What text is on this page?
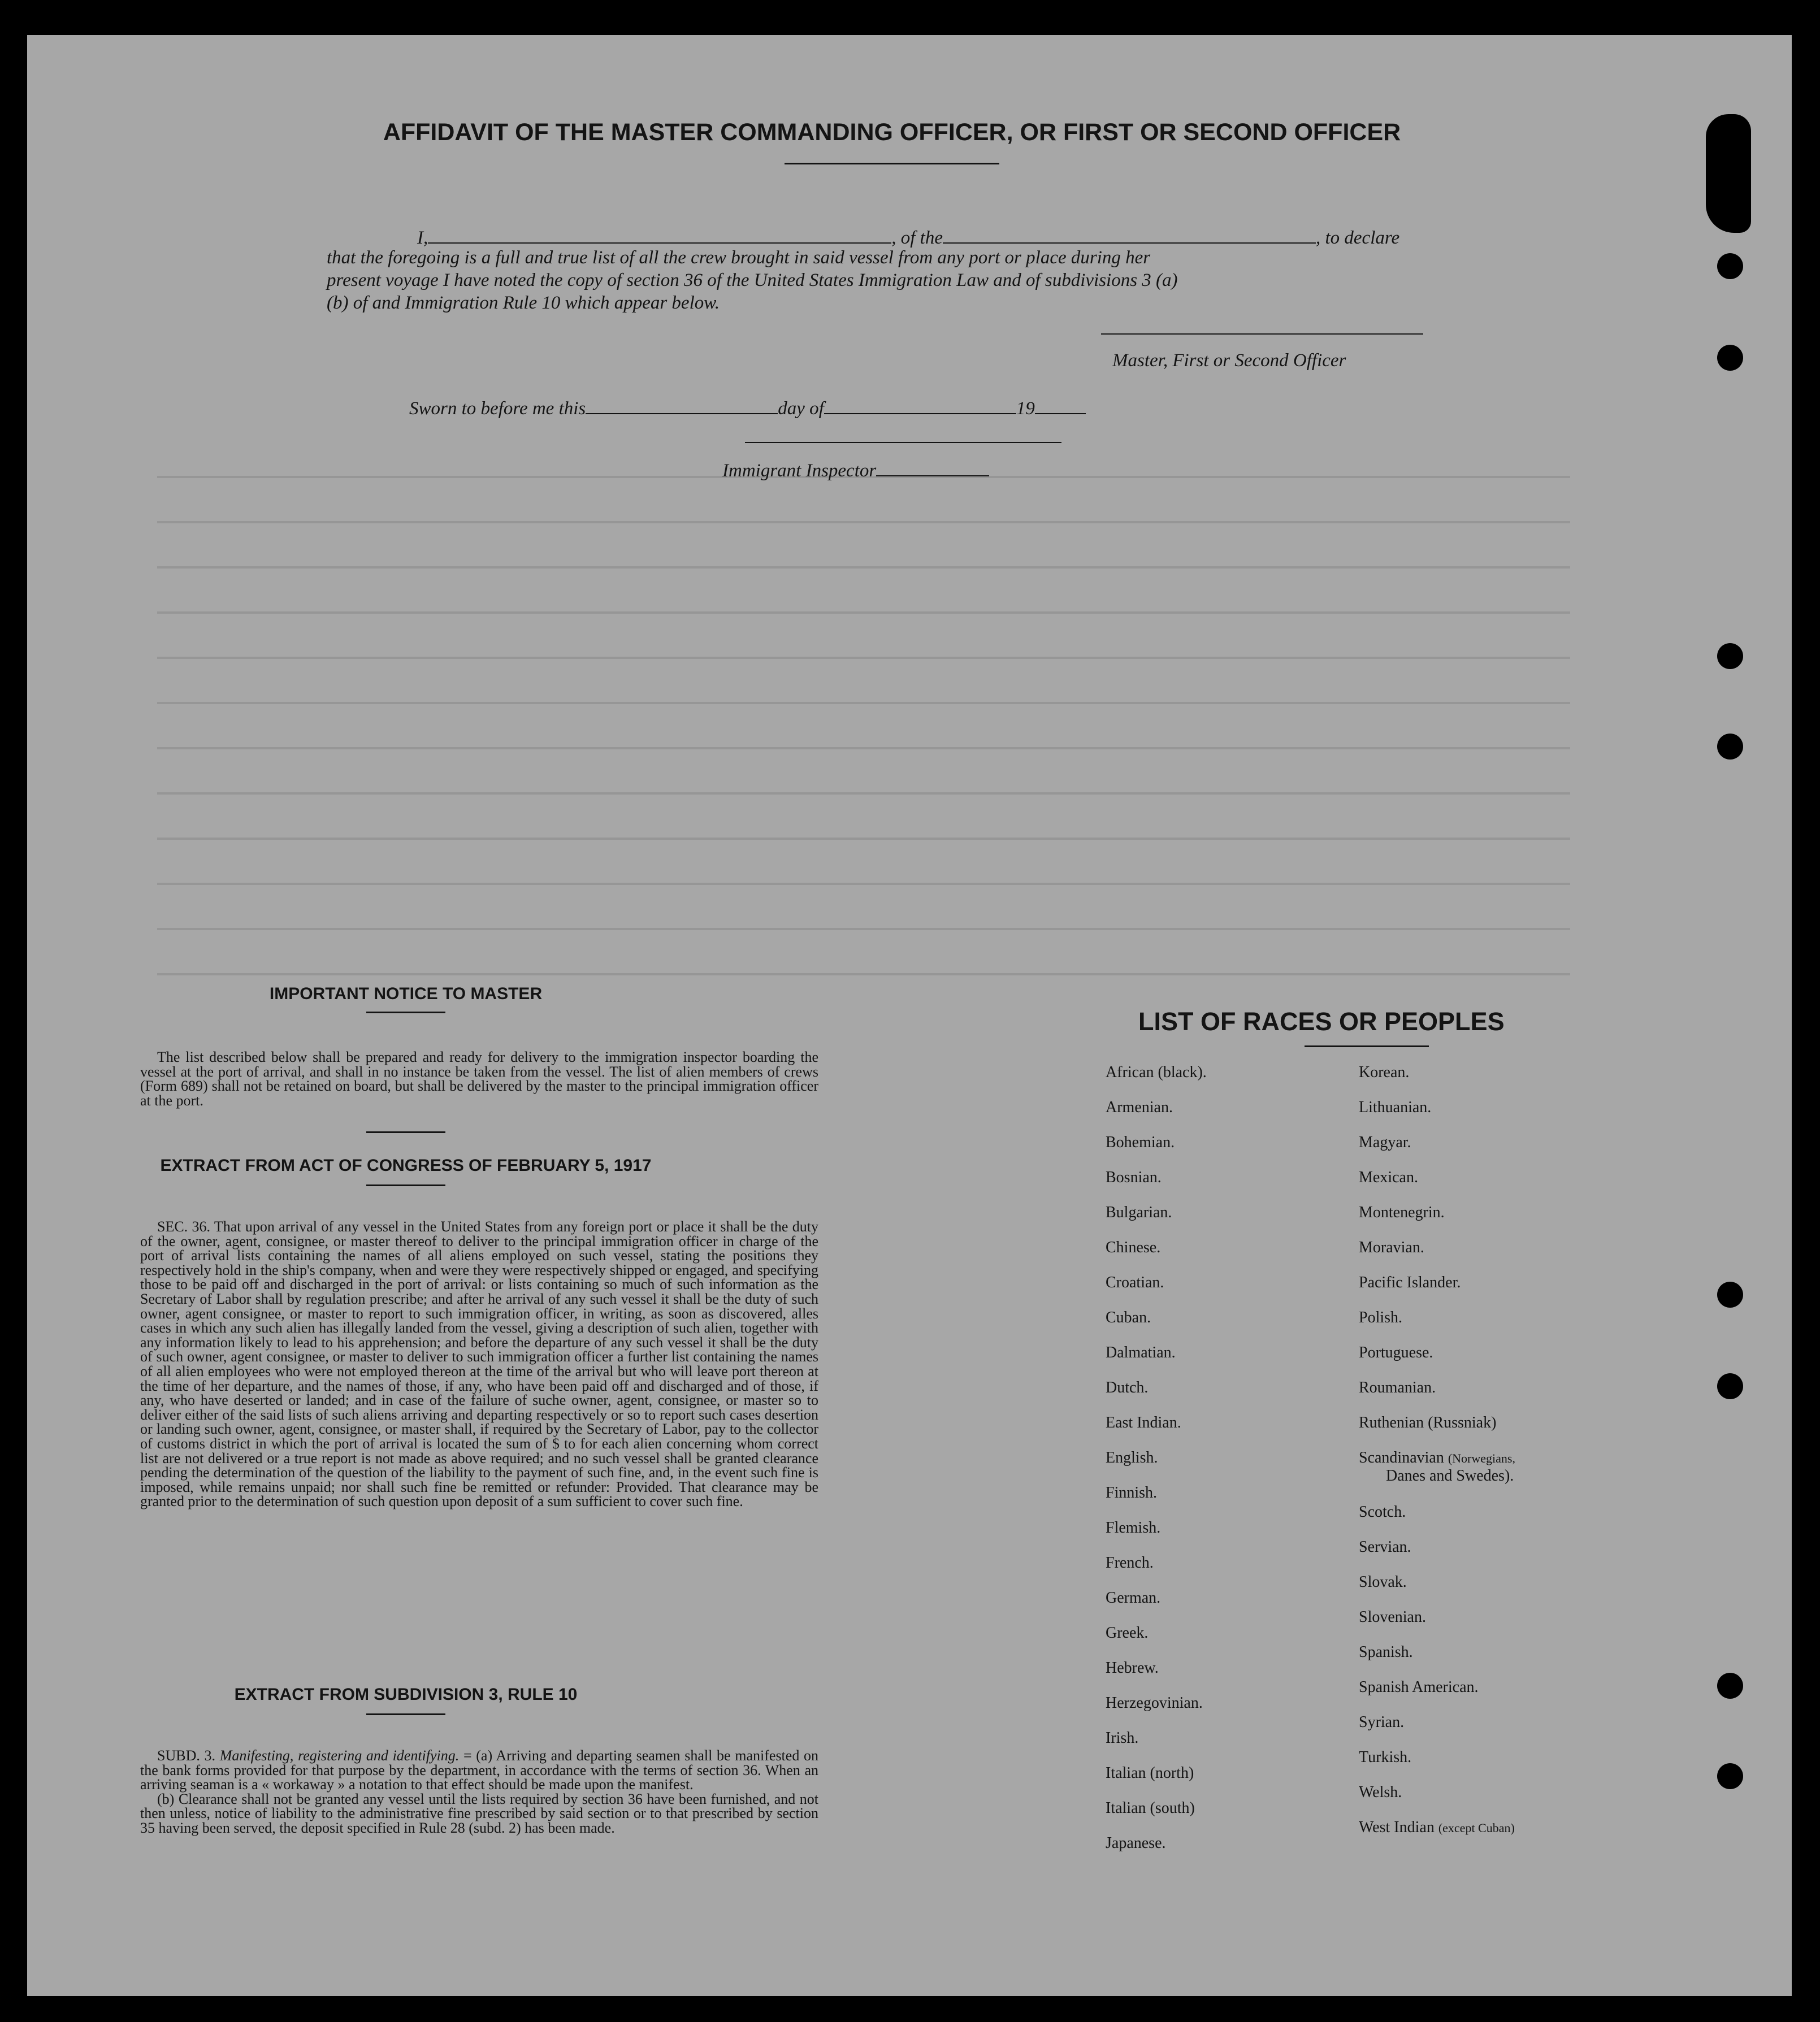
AFFIDAVIT OF THE MASTER COMMANDING OFFICER, OR FIRST OR SECOND OFFICER
I,	, of the	, to declare
that the foregoing is a full and true list of all the crew brought in said vessel from any port or place during her
present voyage I have noted the copy of section 36 of the United States Immigration Law and of subdivisions 3 (a)
(b) of and Immigration Rule 10 which appear below.
Master, First or Second Officer
Sworn to before me this	day of	19
Immigrant Inspector
IMPORTANT NOTICE TO MASTER

The list described below shall be prepared and ready for delivery to the immigration inspector boarding the vessel at the port of arrival, and shall in no instance be taken from the vessel. The list of alien members of crews (Form 689) shall not be retained on board, but shall be delivered by the master to the principal immigration officer at the port.

EXTRACT FROM ACT OF CONGRESS OF FEBRUARY 5, 1917

SEC. 36. That upon arrival of any vessel in the United States from any foreign port or place it shall be the duty of the owner, agent, consignee, or master thereof to deliver to the principal immigration officer in charge of the port of arrival lists containing the names of all aliens employed on such vessel, stating the positions they respectively hold in the ship's company, when and were they were respectively shipped or engaged, and specifying those to be paid off and discharged in the port of arrival: or lists containing so much of such information as the Secretary of Labor shall by regulation prescribe; and after he arrival of any such vessel it shall be the duty of such owner, agent consignee, or master to report to such immigration officer, in writing, as soon as discovered, alles cases in which any such alien has illegally landed from the vessel, giving a description of such alien, together with any information likely to lead to his apprehension; and before the departure of any such vessel it shall be the duty of such owner, agent consignee, or master to deliver to such immigration officer a further list containing the names of all alien employees who were not employed thereon at the time of the arrival but who will leave port thereon at the time of her departure, and the names of those, if any, who have been paid off and discharged and of those, if any, who have deserted or landed; and in case of the failure of suche owner, agent, consignee, or master so to deliver either of the said lists of such aliens arriving and departing respectively or so to report such cases desertion or landing such owner, agent, consignee, or master shall, if required by the Secretary of Labor, pay to the collector of customs district in which the port of arrival is located the sum of $ to for each alien concerning whom correct list are not delivered or a true report is not made as above required; and no such vessel shall be granted clearance pending the determination of the question of the liability to the payment of such fine, and, in the event such fine is imposed, while remains unpaid; nor shall such fine be remitted or refunder: Provided. That clearance may be granted prior to the determination of such question upon deposit of a sum sufficient to cover such fine.

EXTRACT FROM SUBDIVISION 3, RULE 10

SUBD. 3. Manifesting, registering and identifying. = (a) Arriving and departing seamen shall be manifested on the bank forms provided for that purpose by the department, in accordance with the terms of section 36. When an arriving seaman is a « workaway » a notation to that effect should be made upon the manifest.

(b) Clearance shall not be granted any vessel until the lists required by section 36 have been furnished, and not then unless, notice of liability to the administrative fine prescribed by said section or to that prescribed by section 35 having been served, the deposit specified in Rule 28 (subd. 2) has been made.

LIST OF RACES OR PEOPLES
African (black).
Armenian.
Bohemian.
Bosnian.
Bulgarian.
Chinese.
Croatian.
Cuban.
Dalmatian.
Dutch.
East Indian.
English.
Finnish.
Flemish.
French.
German.
Greek.
Hebrew.
Herzegovinian.
Irish.
Italian (north)
Italian (south)
Japanese.
Korean.
Lithuanian.
Magyar.
Mexican.
Montenegrin.
Moravian.
Pacific Islander.
Polish.
Portuguese.
Roumanian.
Ruthenian (Russniak)
Scandinavian (Norwegians,
Danes and Swedes).
Scotch.
Servian.
Slovak.
Slovenian.
Spanish.
Spanish American.
Syrian.
Turkish.
Welsh.
West Indian (except Cuban)
